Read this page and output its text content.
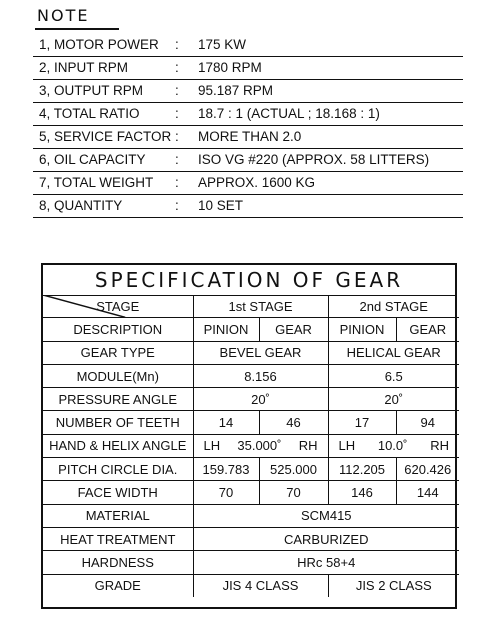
NOTE
1, MOTOR POWER : 175 KW
2, INPUT RPM	: 1780 RPM
3, OUTPUT RPM : 95.187 RPM
4, TOTAL RATIO	: 18.7 : 1 (ACTUAL ; 18.168 : 1)
5, SERVICE FACTOR : MORE THAN 2.0
6, OIL CAPACITY : ISO VG #220 (APPROX. 58 LITTERS)
7, TOTAL WEIGHT : APPROX. 1600 KG
8, QUANTITY	: 10 SET
SPECIFICATION OF GEAR
STAGE	1st STAGE		2nd STAGE	
DESCRIPTION	PINION	GEAR	PINION	GEAR
GEAR TYPE	BEVEL GEAR		HELICAL GEAR	
MODULE(Mn)	8.156		6.5	
PRESSURE ANGLE	20˚		20˚	
NUMBER OF TEETH	14	46	17	94
HAND & HELIX ANGLE	LH 35.000˚ RH		LH 10.0˚ RH	

PITCH CIRCLE DIA.	159.783	525.000	112.205	620.426
FACE WIDTH	70	70	146	144
MATERIAL	SCM415			
HEAT TREATMENT	CARBURIZED			
HARDNESS	HRc 58+4			
GRADE	JIS 4 CLASS		JIS 2 CLASS	
